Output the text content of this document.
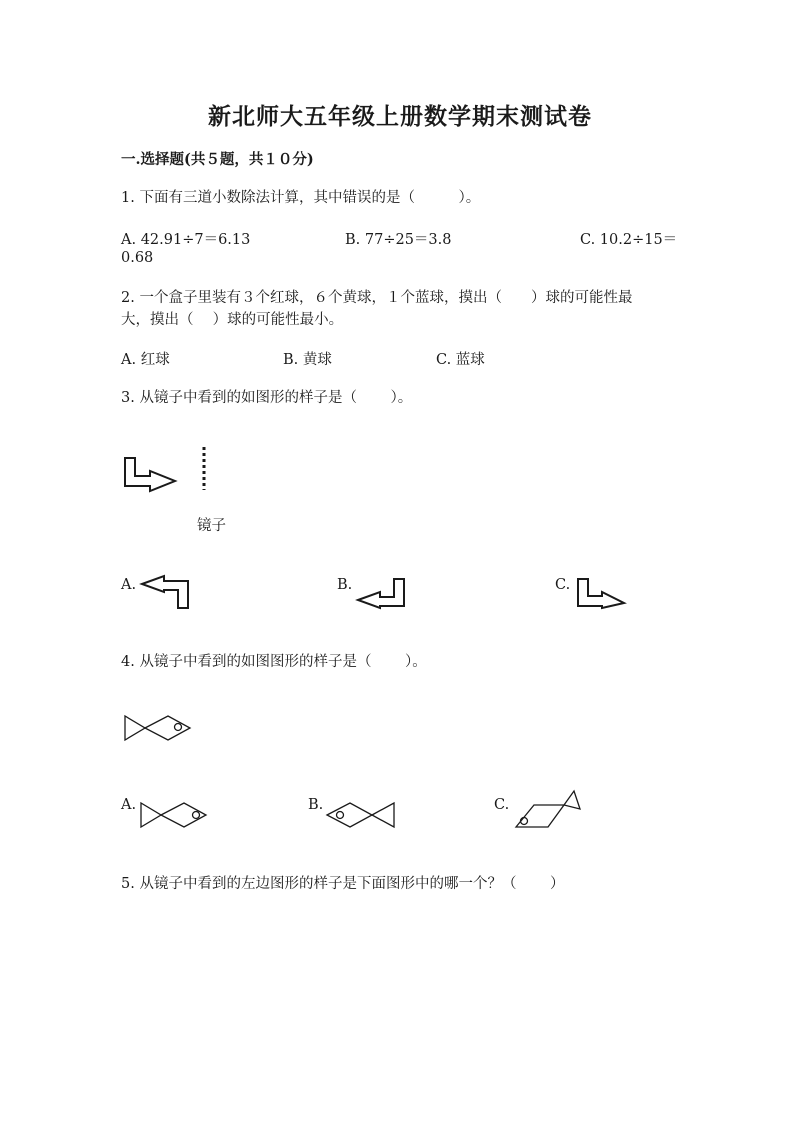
新北师大五年级上册数学期末测试卷
一.选择题(共５题，共１０分)
1. 下面有三道小数除法计算，其中错误的是（　　　）。
A. 42.91÷7＝6.13	B. 77÷25＝3.8	C. 10.2÷15＝
0.68
2. 一个盒子里装有３个红球，６个黄球，１个蓝球，摸出（　　）球的可能性最
大，摸出（　 ）球的可能性最小。
A. 红球	B. 黄球	C. 蓝球
3. 从镜子中看到的如图形的样子是（　　 ）。
镜子
A.	B.	C.
4. 从镜子中看到的如图图形的样子是（　　 ）。
A.	B.	C.
5. 从镜子中看到的左边图形的样子是下面图形中的哪一个？（　　 ）
